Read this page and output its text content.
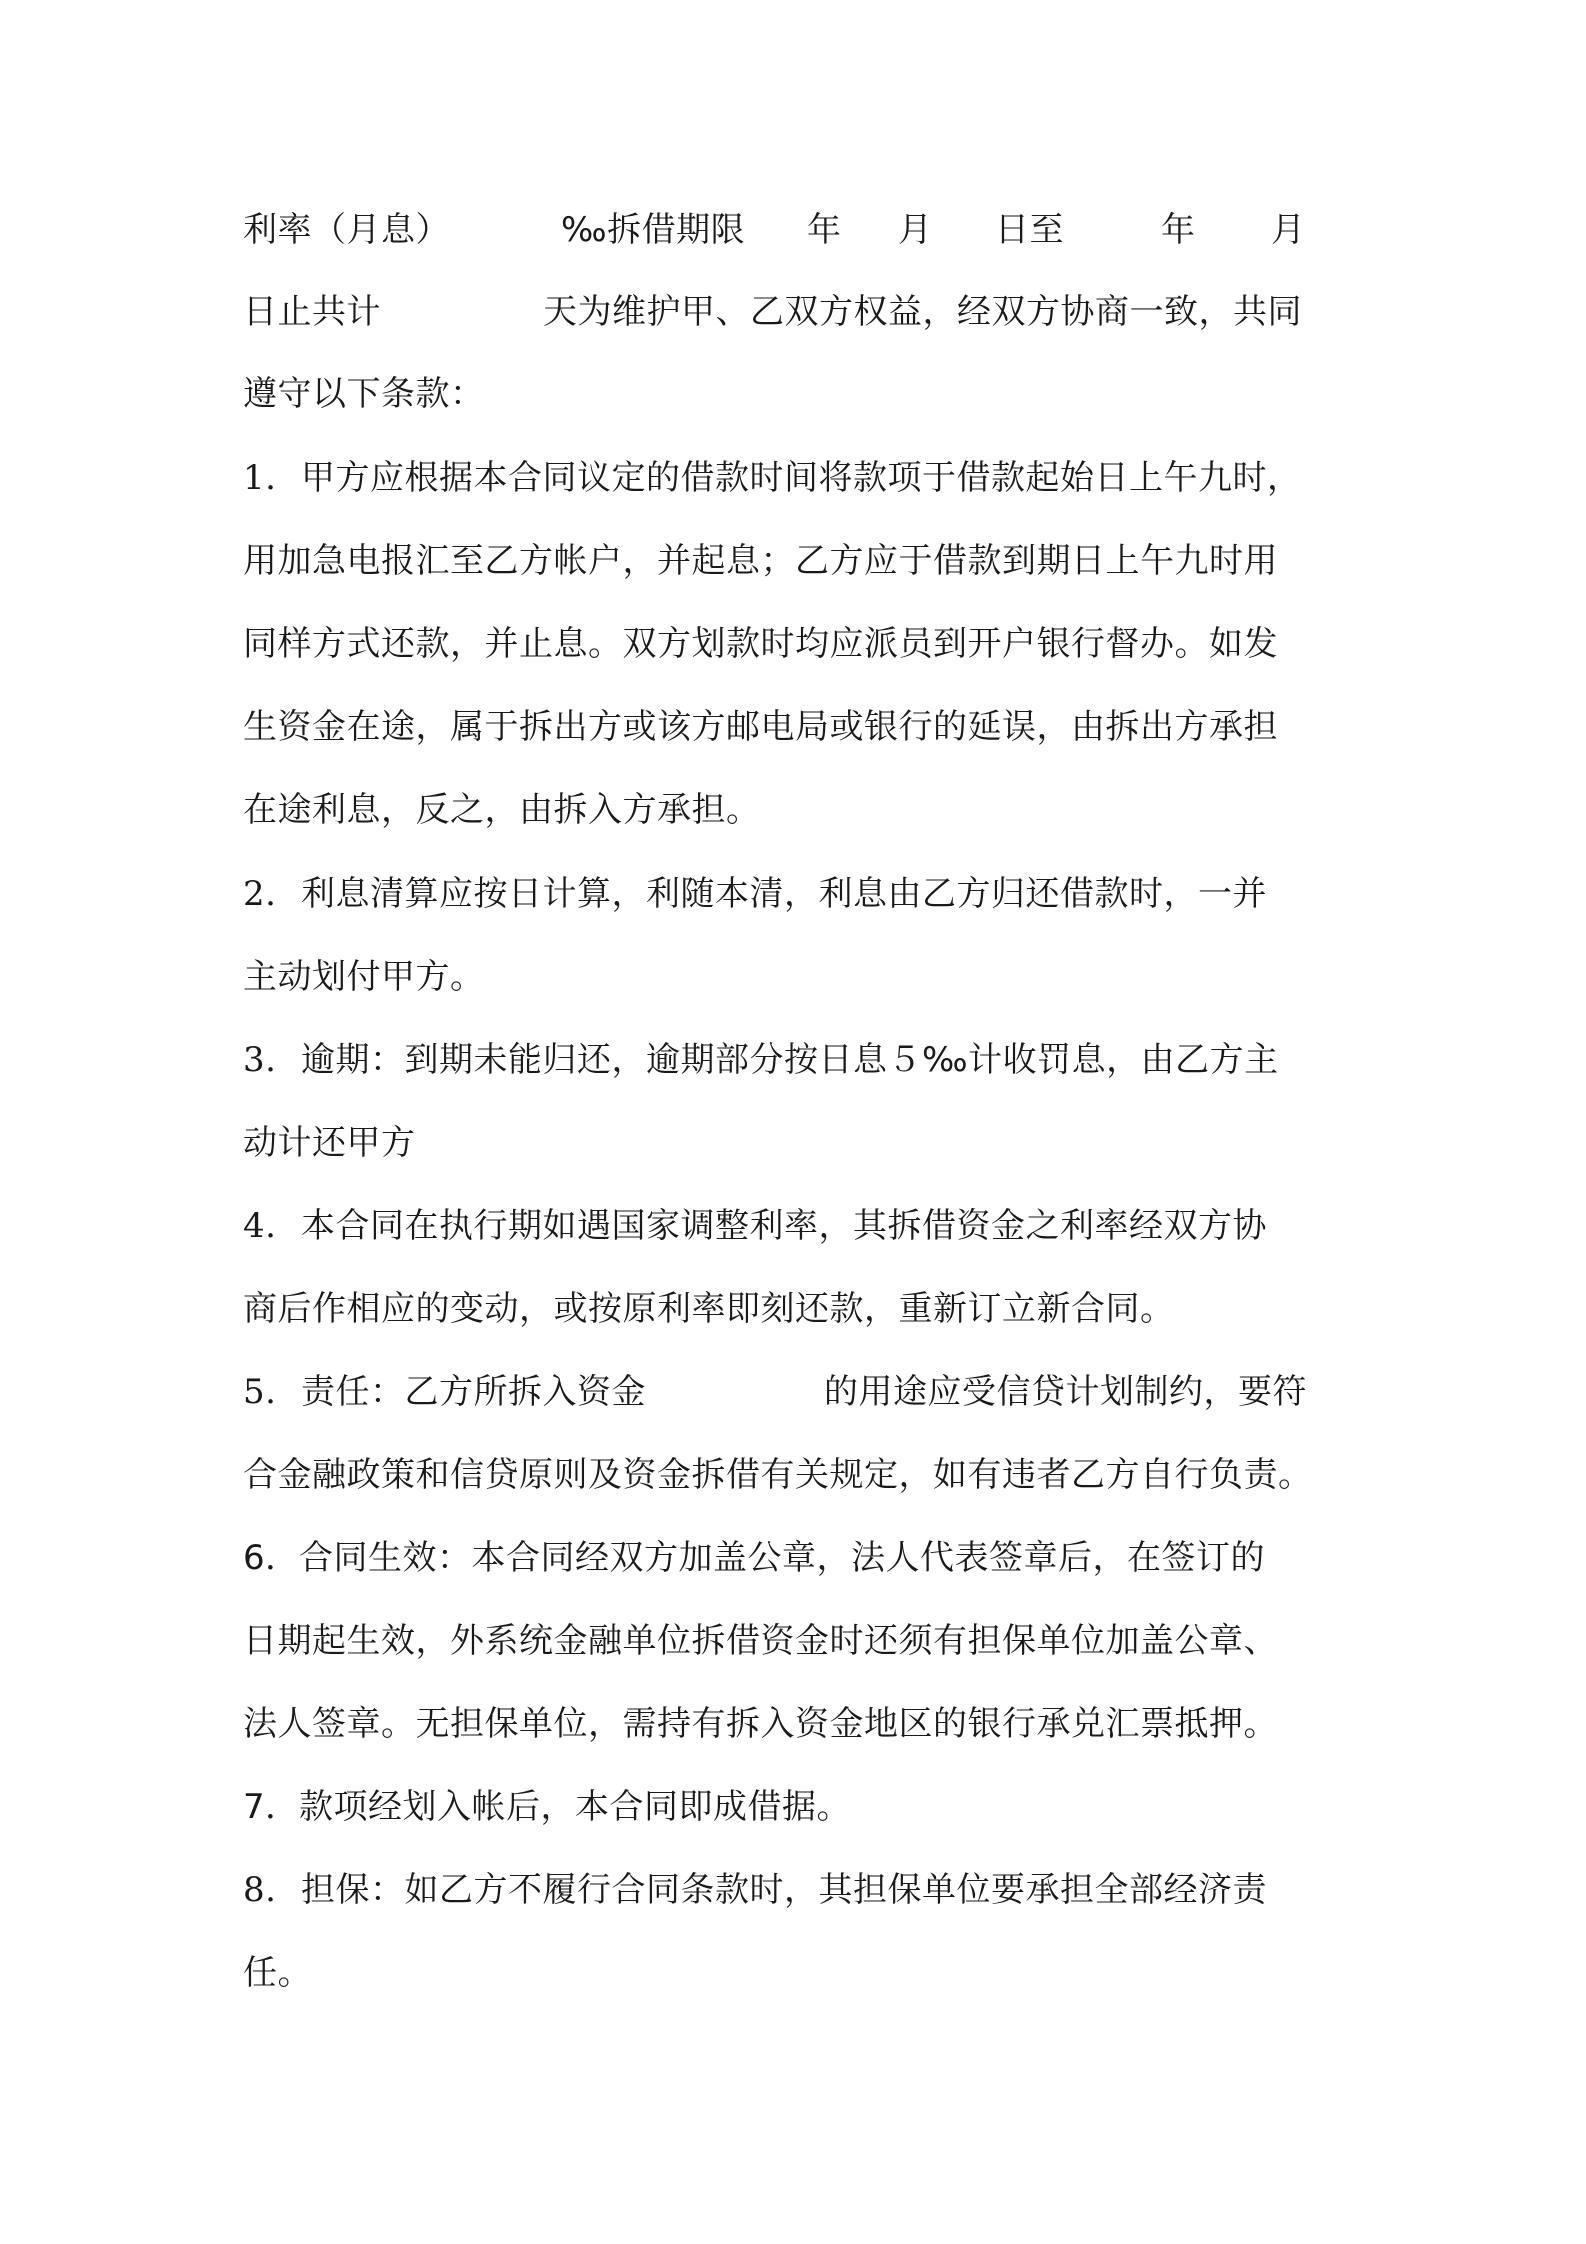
利率（月息）	‰拆借期限 年 月 日至	年 月
日止共计	天为维护甲、乙双方权益，经双方协商一致，共同
遵守以下条款：
1. 甲方应根据本合同议定的借款时间将款项于借款起始日上午九时，
用加急电报汇至乙方帐户，并起息；乙方应于借款到期日上午九时用
同样方式还款，并止息。双方划款时均应派员到开户银行督办。如发
生资金在途，属于拆出方或该方邮电局或银行的延误，由拆出方承担
在途利息，反之，由拆入方承担。
2. 利息清算应按日计算，利随本清，利息由乙方归还借款时，一并
主动划付甲方。
3. 逾期：到期未能归还，逾期部分按日息５‰计收罚息，由乙方主
动计还甲方
4. 本合同在执行期如遇国家调整利率，其拆借资金之利率经双方协
商后作相应的变动，或按原利率即刻还款，重新订立新合同。
5. 责任：乙方所拆入资金	的用途应受信贷计划制约，要符
合金融政策和信贷原则及资金拆借有关规定，如有违者乙方自行负责。
6． 合同生效：本合同经双方加盖公章，法人代表签章后，在签订的
日期起生效，外系统金融单位拆借资金时还须有担保单位加盖公章、
法人签章。无担保单位，需持有拆入资金地区的银行承兑汇票抵押。
7． 款项经划入帐后，本合同即成借据。
8. 担保：如乙方不履行合同条款时，其担保单位要承担全部经济责
任。
